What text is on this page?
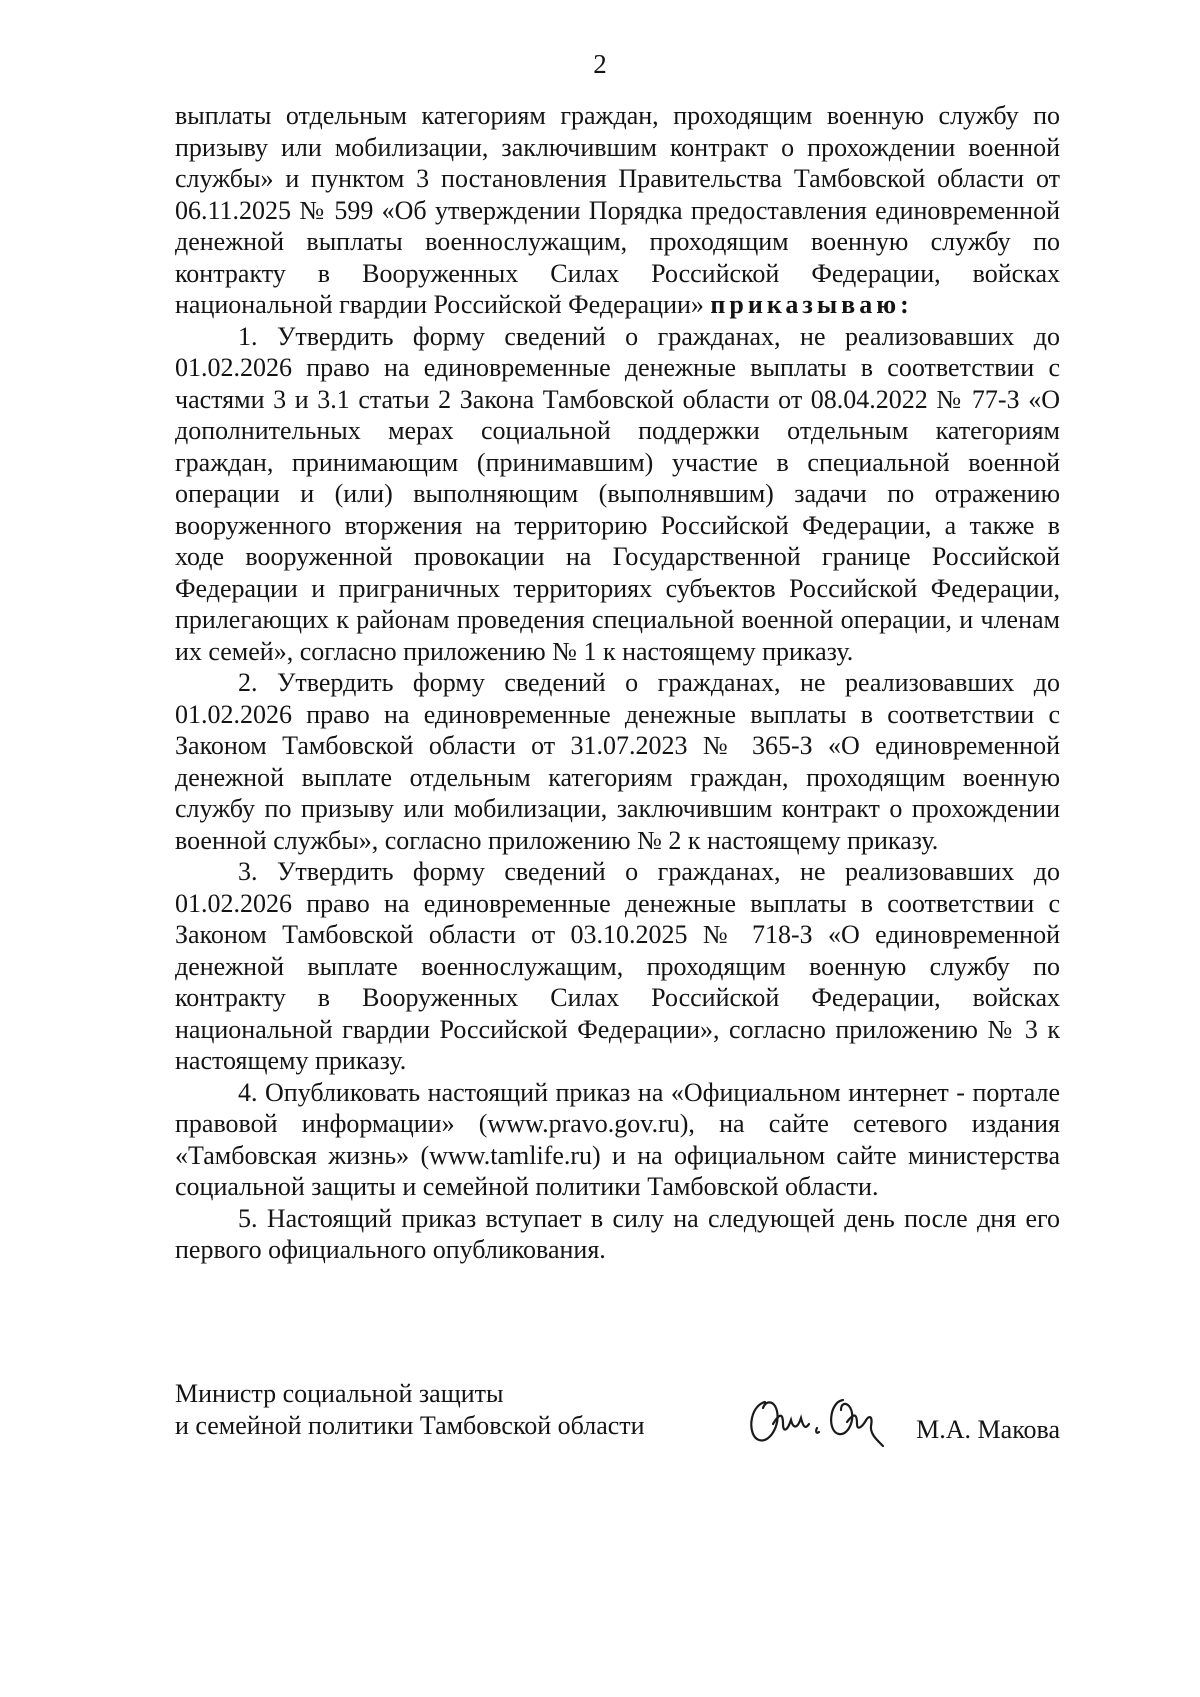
2

выплаты отдельным категориям граждан, проходящим военную службу по призыву или мобилизации, заключившим контракт о прохождении военной службы» и пунктом 3 постановления Правительства Тамбовской области от 06.11.2025 № 599 «Об утверждении Порядка предоставления единовременной денежной выплаты военнослужащим, проходящим военную службу по контракту в Вооруженных Силах Российской Федерации, войсках национальной гвардии Российской Федерации» приказываю:

1. Утвердить форму сведений о гражданах, не реализовавших до 01.02.2026 право на единовременные денежные выплаты в соответствии с частями 3 и 3.1 статьи 2 Закона Тамбовской области от 08.04.2022 № 77-З «О дополнительных мерах социальной поддержки отдельным категориям граждан, принимающим (принимавшим) участие в специальной военной операции и (или) выполняющим (выполнявшим) задачи по отражению вооруженного вторжения на территорию Российской Федерации, а также в ходе вооруженной провокации на Государственной границе Российской Федерации и приграничных территориях субъектов Российской Федерации, прилегающих к районам проведения специальной военной операции, и членам их семей», согласно приложению № 1 к настоящему приказу.

2. Утвердить форму сведений о гражданах, не реализовавших до 01.02.2026 право на единовременные денежные выплаты в соответствии с Законом Тамбовской области от 31.07.2023 № 365-З «О единовременной денежной выплате отдельным категориям граждан, проходящим военную службу по призыву или мобилизации, заключившим контракт о прохождении военной службы», согласно приложению № 2 к настоящему приказу.

3. Утвердить форму сведений о гражданах, не реализовавших до 01.02.2026 право на единовременные денежные выплаты в соответствии с Законом Тамбовской области от 03.10.2025 № 718-З «О единовременной денежной выплате военнослужащим, проходящим военную службу по контракту в Вооруженных Силах Российской Федерации, войсках национальной гвардии Российской Федерации», согласно приложению № 3 к настоящему приказу.

4. Опубликовать настоящий приказ на «Официальном интернет - портале правовой информации» (www.pravo.gov.ru), на сайте сетевого издания «Тамбовская жизнь» (www.tamlife.ru) и на официальном сайте министерства социальной защиты и семейной политики Тамбовской области.

5. Настоящий приказ вступает в силу на следующей день после дня его первого официального опубликования.

Министр социальной защиты
и семейной политики Тамбовской области	М.А. Макова
